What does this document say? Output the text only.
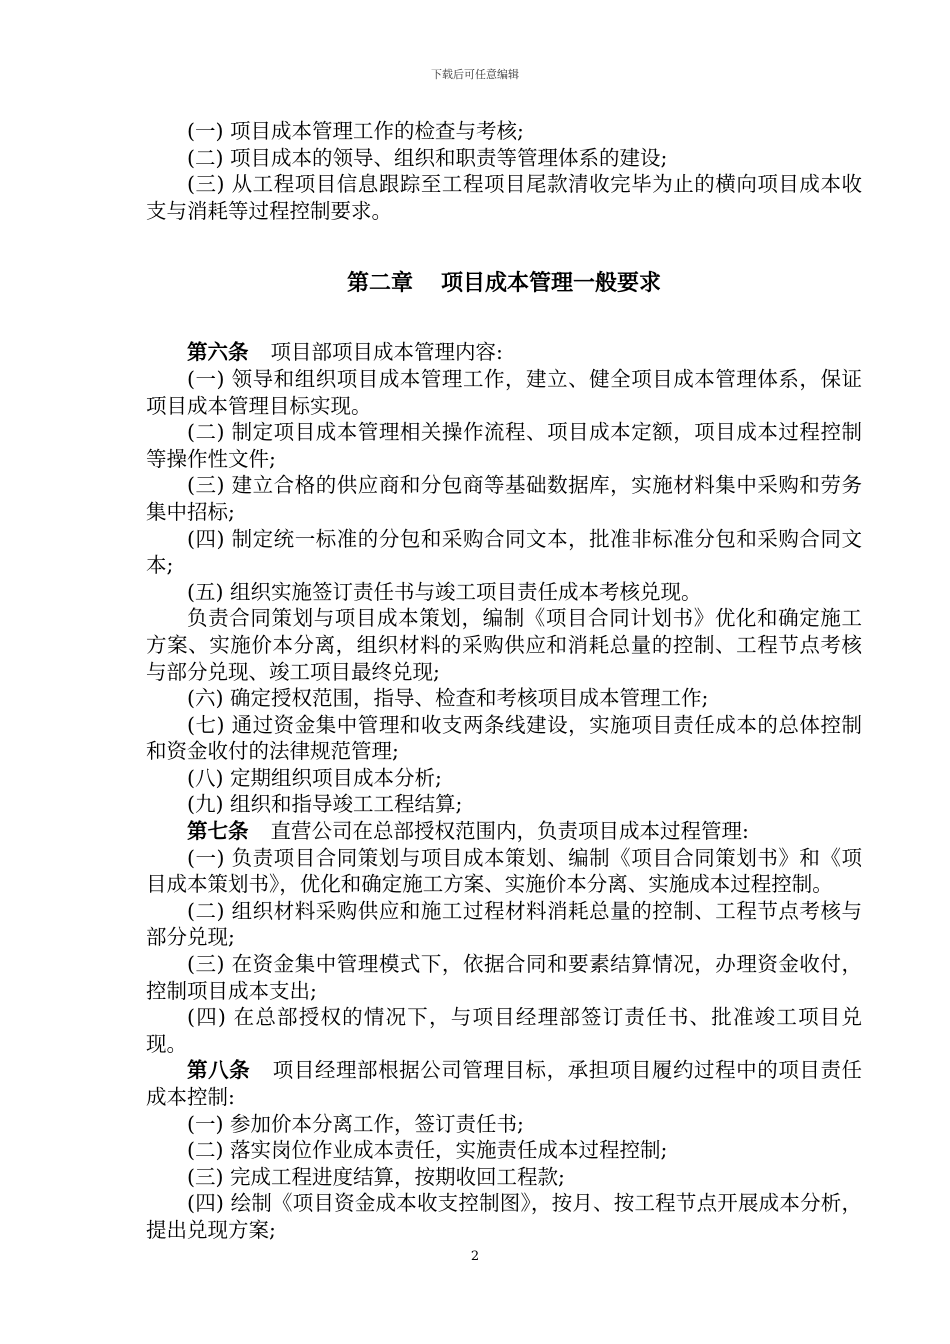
下载后可任意编辑

(一) 项目成本管理工作的检查与考核;

(二) 项目成本的领导、组织和职责等管理体系的建设;

(三) 从工程项目信息跟踪至工程项目尾款清收完毕为止的横向项目成本收支与消耗等过程控制要求。

第二章 项目成本管理一般要求

第六条 项目部项目成本管理内容:

(一) 领导和组织项目成本管理工作，建立、健全项目成本管理体系，保证项目成本管理目标实现。

(二) 制定项目成本管理相关操作流程、项目成本定额，项目成本过程控制等操作性文件;

(三) 建立合格的供应商和分包商等基础数据库，实施材料集中采购和劳务集中招标;

(四) 制定统一标准的分包和采购合同文本，批准非标准分包和采购合同文本;

(五) 组织实施签订责任书与竣工项目责任成本考核兑现。

负责合同策划与项目成本策划，编制《项目合同计划书》优化和确定施工方案、实施价本分离，组织材料的采购供应和消耗总量的控制、工程节点考核与部分兑现、竣工项目最终兑现;

(六) 确定授权范围，指导、检查和考核项目成本管理工作;

(七) 通过资金集中管理和收支两条线建设，实施项目责任成本的总体控制和资金收付的法律规范管理;

(八) 定期组织项目成本分析;

(九) 组织和指导竣工工程结算;

第七条 直营公司在总部授权范围内，负责项目成本过程管理:

(一) 负责项目合同策划与项目成本策划、编制《项目合同策划书》和《项目成本策划书》，优化和确定施工方案、实施价本分离、实施成本过程控制。

(二) 组织材料采购供应和施工过程材料消耗总量的控制、工程节点考核与部分兑现;

(三) 在资金集中管理模式下，依据合同和要素结算情况，办理资金收付，控制项目成本支出;

(四) 在总部授权的情况下，与项目经理部签订责任书、批准竣工项目兑现。

第八条 项目经理部根据公司管理目标，承担项目履约过程中的项目责任成本控制:

(一) 参加价本分离工作，签订责任书;

(二) 落实岗位作业成本责任，实施责任成本过程控制;

(三) 完成工程进度结算，按期收回工程款;

(四) 绘制《项目资金成本收支控制图》，按月、按工程节点开展成本分析，提出兑现方案;

2
